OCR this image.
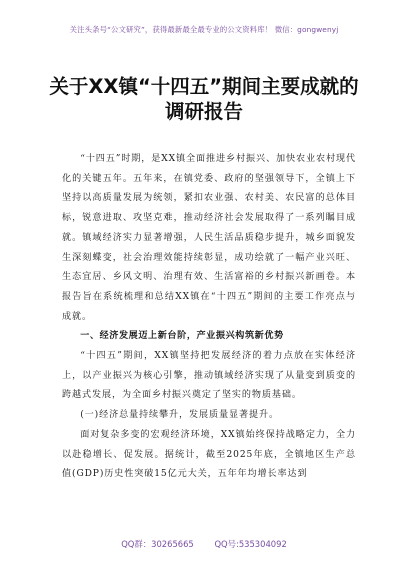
关注头条号“公文研究”，获得最新最全最专业的公文资料库！ 微信：gongwenyj
关于XX镇“十四五”期间主要成就的
调研报告

“十四五”时期，是XX镇全面推进乡村振兴、加快农业农村现代化的关键五年。五年来，在镇党委、政府的坚强领导下，全镇上下坚持以高质量发展为统领，紧扣农业强、农村美、农民富的总体目标，锐意进取、攻坚克难，推动经济社会发展取得了一系列瞩目成就。镇域经济实力显著增强，人民生活品质稳步提升，城乡面貌发生深刻蝶变，社会治理效能持续彰显，成功绘就了一幅产业兴旺、生态宜居、乡风文明、治理有效、生活富裕的乡村振兴新画卷。本报告旨在系统梳理和总结XX镇在“十四五”期间的主要工作亮点与成就。

一、经济发展迈上新台阶，产业振兴构筑新优势

“十四五”期间，XX镇坚持把发展经济的着力点放在实体经济上，以产业振兴为核心引擎，推动镇域经济实现了从量变到质变的跨越式发展，为全面乡村振兴奠定了坚实的物质基础。

(一)经济总量持续攀升，发展质量显著提升。

面对复杂多变的宏观经济环境，XX镇始终保持战略定力，全力以赴稳增长、促发展。据统计，截至2025年底，全镇地区生产总值(GDP)历史性突破15亿元大关，五年年均增长率达到

QQ群：30265665 QQ号:535304092
